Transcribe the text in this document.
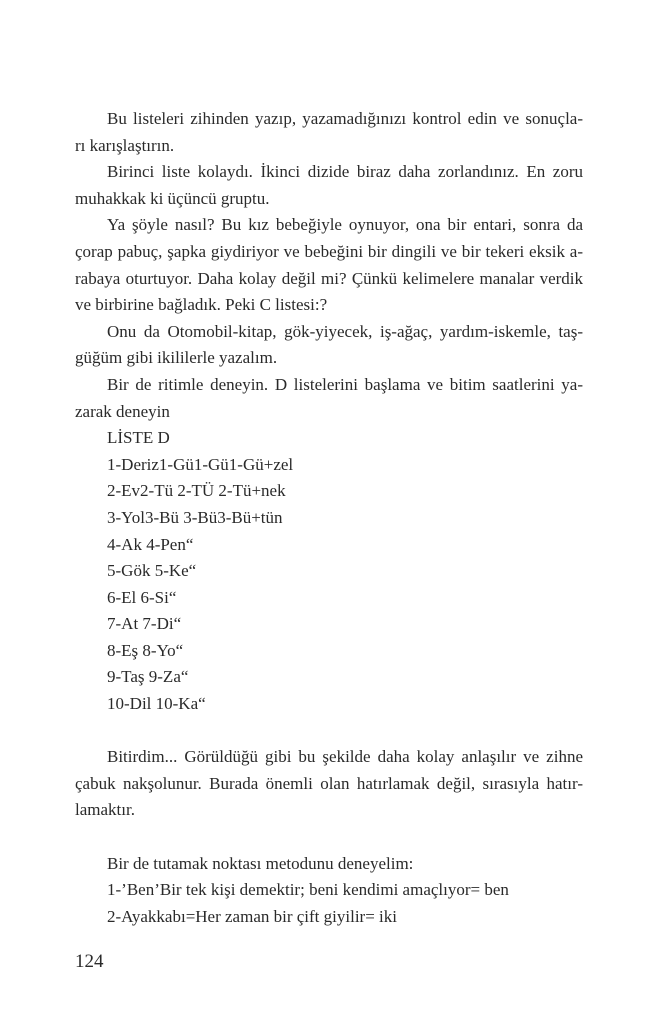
Bu listeleri zihinden yazıp, yazamadığınızı kontrol edin ve sonuçla-
rı karışlaştırın.
Birinci liste kolaydı. İkinci dizide biraz daha zorlandınız. En zoru
muhakkak ki üçüncü gruptu.
Ya şöyle nasıl? Bu kız bebeğiyle oynuyor, ona bir entari, sonra da
çorap pabuç, şapka giydiriyor ve bebeğini bir dingili ve bir tekeri eksik a-
rabaya oturtuyor. Daha kolay değil mi? Çünkü kelimelere manalar verdik
ve birbirine bağladık. Peki C listesi:?
Onu da Otomobil-kitap, gök-yiyecek, iş-ağaç, yardım-iskemle, taş-
güğüm gibi ikililerle yazalım.
Bir de ritimle deneyin. D listelerini başlama ve bitim saatlerini ya-
zarak deneyin
LİSTE D
1-Deriz1-Gü1-Gü1-Gü+zel
2-Ev2-Tü 2-TÜ 2-Tü+nek
3-Yol3-Bü 3-Bü3-Bü+tün
4-Ak 4-Pen“
5-Gök 5-Ke“
6-El 6-Si“
7-At 7-Di“
8-Eş 8-Yo“
9-Taş 9-Za“
10-Dil 10-Ka“
Bitirdim... Görüldüğü gibi bu şekilde daha kolay anlaşılır ve zihne
çabuk nakşolunur. Burada önemli olan hatırlamak değil, sırasıyla hatır-
lamaktır.
Bir de tutamak noktası metodunu deneyelim:
1-’Ben’Bir tek kişi demektir; beni kendimi amaçlıyor= ben
2-Ayakkabı=Her zaman bir çift giyilir= iki
124
